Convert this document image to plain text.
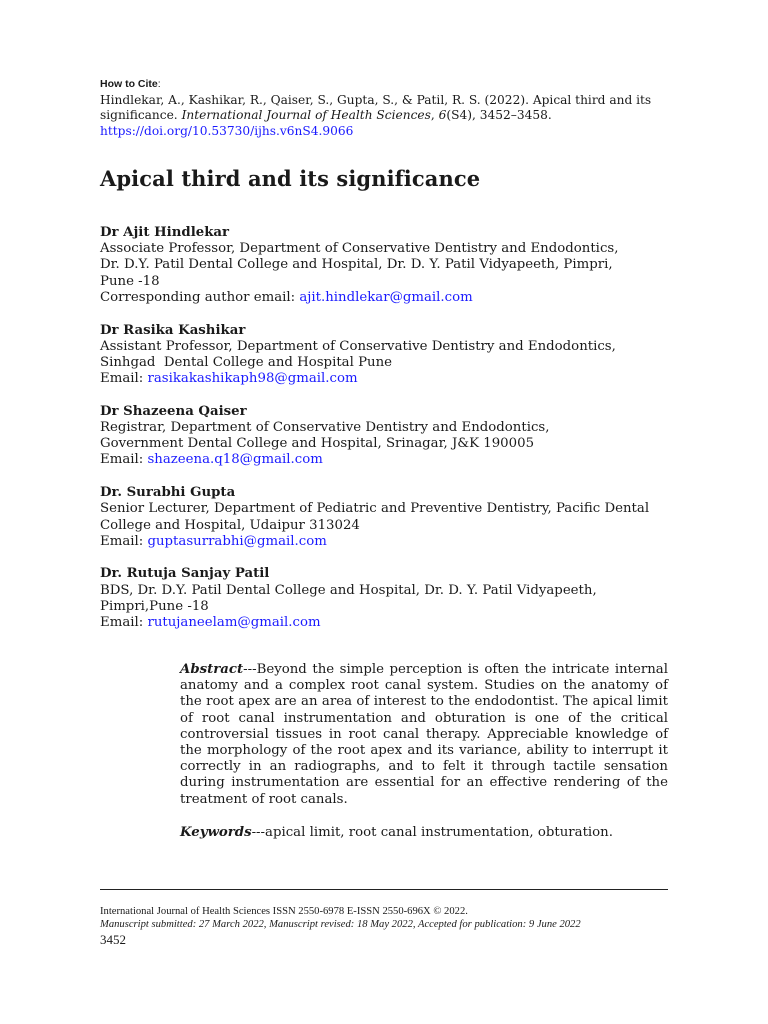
How to Cite:
Hindlekar, A., Kashikar, R., Qaiser, S., Gupta, S., & Patil, R. S. (2022). Apical third and its significance. International Journal of Health Sciences, 6(S4), 3452–3458.
https://doi.org/10.53730/ijhs.v6nS4.9066
Apical third and its significance
Dr Ajit Hindlekar
Associate Professor, Department of Conservative Dentistry and Endodontics,
Dr. D.Y. Patil Dental College and Hospital, Dr. D. Y. Patil Vidyapeeth, Pimpri,
Pune -18
Corresponding author email: ajit.hindlekar@gmail.com
Dr Rasika Kashikar
Assistant Professor, Department of Conservative Dentistry and Endodontics,
Sinhgad  Dental College and Hospital Pune
Email: rasikakashikaph98@gmail.com
Dr Shazeena Qaiser
Registrar, Department of Conservative Dentistry and Endodontics,
Government Dental College and Hospital, Srinagar, J&K 190005
Email: shazeena.q18@gmail.com
Dr. Surabhi Gupta
Senior Lecturer, Department of Pediatric and Preventive Dentistry, Pacific Dental
College and Hospital, Udaipur 313024
Email: guptasurrabhi@gmail.com
Dr. Rutuja Sanjay Patil
BDS, Dr. D.Y. Patil Dental College and Hospital, Dr. D. Y. Patil Vidyapeeth,
Pimpri,Pune -18
Email: rutujaneelam@gmail.com
Abstract---Beyond the simple perception is often the intricate internal anatomy and a complex root canal system. Studies on the anatomy of the root apex are an area of interest to the endodontist. The apical limit of root canal instrumentation and obturation is one of the critical controversial tissues in root canal therapy. Appreciable knowledge of the morphology of the root apex and its variance, ability to interrupt it correctly in an radiographs, and to felt it through tactile sensation during instrumentation are essential for an effective rendering of the treatment of root canals.
Keywords---apical limit, root canal instrumentation, obturation.
International Journal of Health Sciences ISSN 2550-6978 E-ISSN 2550-696X © 2022.
Manuscript submitted: 27 March 2022, Manuscript revised: 18 May 2022, Accepted for publication: 9 June 2022
3452
